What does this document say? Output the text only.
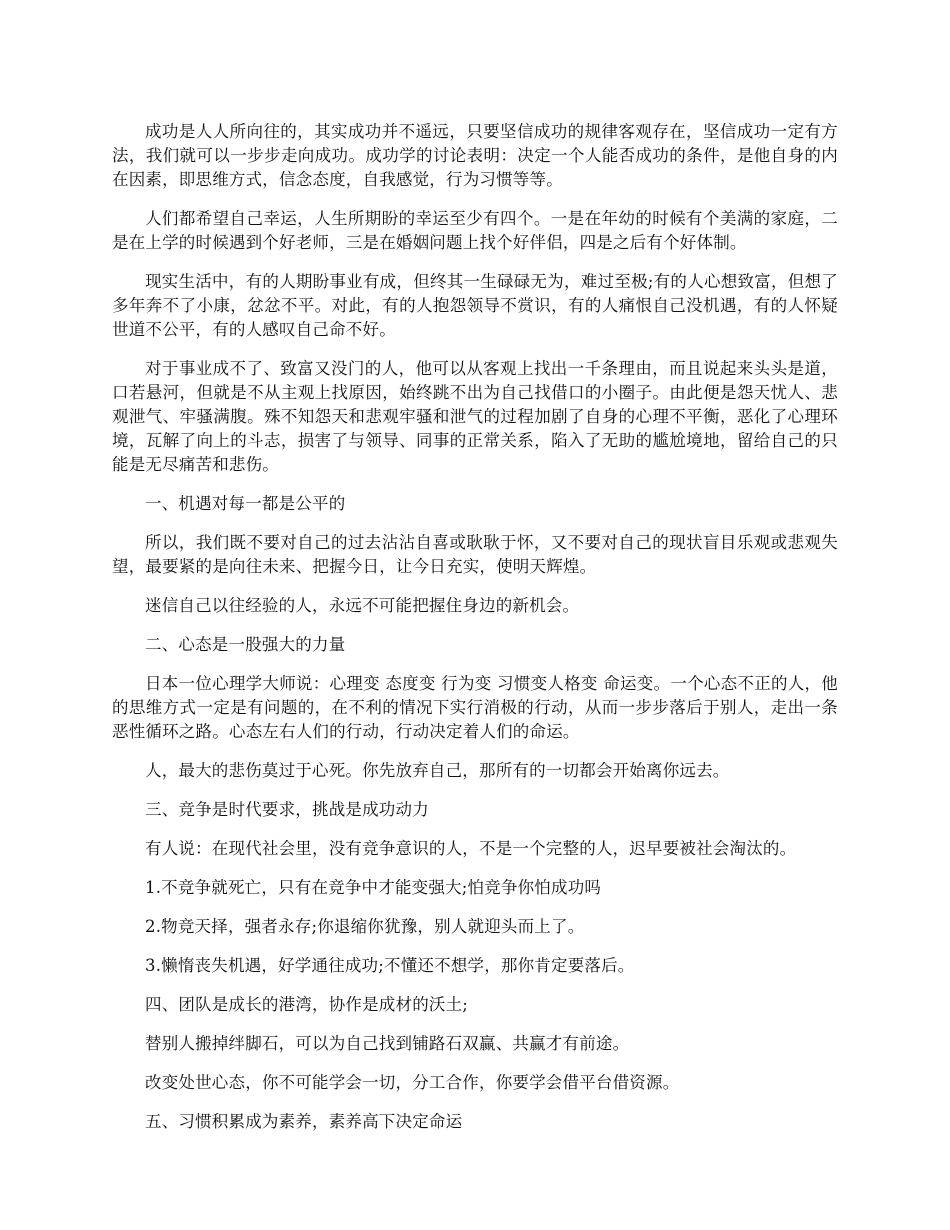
成功是人人所向往的，其实成功并不遥远，只要坚信成功的规律客观存在，坚信成功一定有方法，我们就可以一步步走向成功。成功学的讨论表明：决定一个人能否成功的条件，是他自身的内在因素，即思维方式，信念态度，自我感觉，行为习惯等等。

人们都希望自己幸运，人生所期盼的幸运至少有四个。一是在年幼的时候有个美满的家庭，二是在上学的时候遇到个好老师，三是在婚姻问题上找个好伴侣，四是之后有个好体制。

现实生活中，有的人期盼事业有成，但终其一生碌碌无为，难过至极;有的人心想致富，但想了多年奔不了小康，忿忿不平。对此，有的人抱怨领导不赏识，有的人痛恨自己没机遇，有的人怀疑世道不公平，有的人感叹自己命不好。

对于事业成不了、致富又没门的人，他可以从客观上找出一千条理由，而且说起来头头是道，口若悬河，但就是不从主观上找原因，始终跳不出为自己找借口的小圈子。由此便是怨天忧人、悲观泄气、牢骚满腹。殊不知怨天和悲观牢骚和泄气的过程加剧了自身的心理不平衡，恶化了心理环境，瓦解了向上的斗志，损害了与领导、同事的正常关系，陷入了无助的尴尬境地，留给自己的只能是无尽痛苦和悲伤。

一、机遇对每一都是公平的

所以，我们既不要对自己的过去沾沾自喜或耿耿于怀，又不要对自己的现状盲目乐观或悲观失望，最要紧的是向往未来、把握今日，让今日充实，使明天辉煌。

迷信自己以往经验的人，永远不可能把握住身边的新机会。

二、心态是一股强大的力量

日本一位心理学大师说：心理变 态度变 行为变 习惯变人格变 命运变。一个心态不正的人，他的思维方式一定是有问题的，在不利的情况下实行消极的行动，从而一步步落后于别人，走出一条恶性循环之路。心态左右人们的行动，行动决定着人们的命运。

人，最大的悲伤莫过于心死。你先放弃自己，那所有的一切都会开始离你远去。

三、竞争是时代要求，挑战是成功动力

有人说：在现代社会里，没有竞争意识的人，不是一个完整的人，迟早要被社会淘汰的。

1.不竞争就死亡，只有在竞争中才能变强大;怕竞争你怕成功吗

2.物竞天择，强者永存;你退缩你犹豫，别人就迎头而上了。

3.懒惰丧失机遇，好学通往成功;不懂还不想学，那你肯定要落后。

四、团队是成长的港湾，协作是成材的沃土;

替别人搬掉绊脚石，可以为自己找到铺路石双赢、共赢才有前途。

改变处世心态，你不可能学会一切，分工合作，你要学会借平台借资源。

五、习惯积累成为素养，素养高下决定命运
